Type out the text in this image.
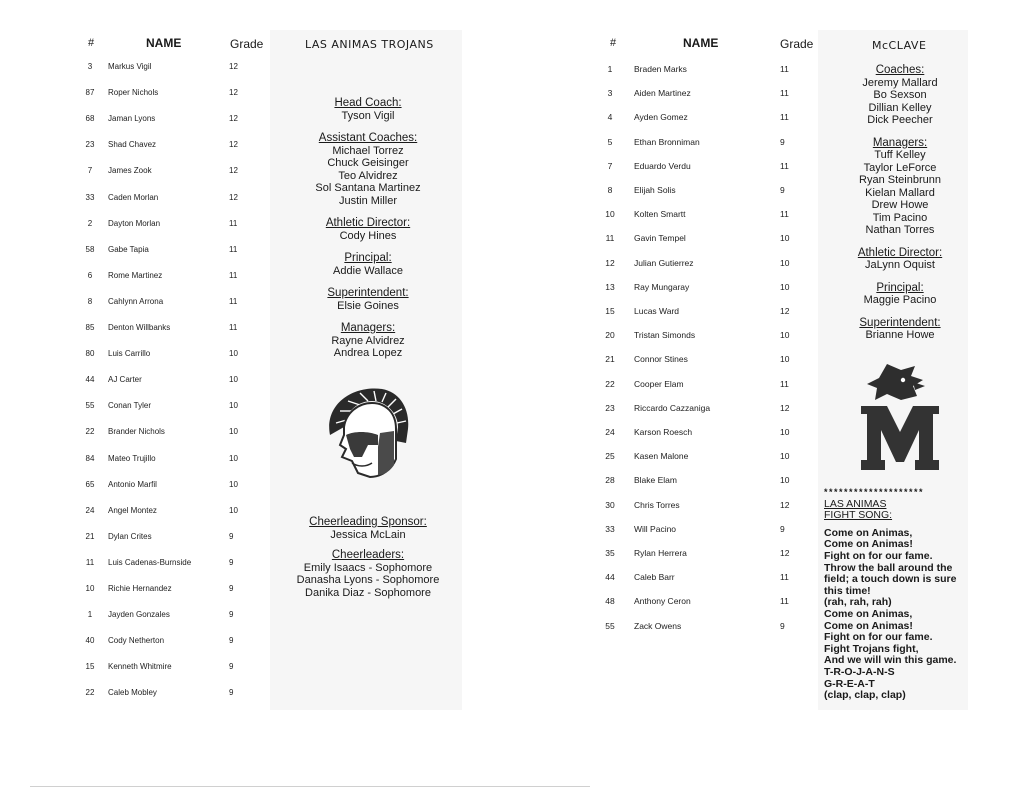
#	NAME	Grade
3	Markus Vigil	12
87	Roper Nichols	12
68	Jaman Lyons	12
23	Shad Chavez	12
7	James Zook	12
33	Caden Morlan	12
2	Dayton Morlan	11
58	Gabe Tapia	11
6	Rome Martinez	11
8	Cahlynn Arrona	11
85	Denton Willbanks	11
80	Luis Carrillo	10
44	AJ Carter	10
55	Conan Tyler	10
22	Brander Nichols	10
84	Mateo Trujillo	10
65	Antonio Marfil	10
24	Angel Montez	10
21	Dylan Crites	9
11	Luis Cadenas-Burnside	9
10	Richie Hernandez	9
1	Jayden Gonzales	9
40	Cody Netherton	9
15	Kenneth Whitmire	9
22	Caleb Mobley	9
LAS ANIMAS TROJANS
Head Coach:
Tyson Vigil
Assistant Coaches:
Michael Torrez
Chuck Geisinger
Teo Alvidrez
Sol Santana Martinez
Justin Miller
Athletic Director:
Cody Hines
Principal:
Addie Wallace
Superintendent:
Elsie Goines
Managers:
Rayne Alvidrez
Andrea Lopez
Cheerleading Sponsor:
Jessica McLain
Cheerleaders:
Emily Isaacs - Sophomore
Danasha Lyons - Sophomore
Danika Diaz - Sophomore
#	NAME	Grade
1	Braden Marks	11
3	Aiden Martinez	11
4	Ayden Gomez	11
5	Ethan Bronniman	9
7	Eduardo Verdu	11
8	Elijah Solis	9
10	Kolten Smartt	11
11	Gavin Tempel	10
12	Julian Gutierrez	10
13	Ray Mungaray	10
15	Lucas Ward	12
20	Tristan Simonds	10
21	Connor Stines	10
22	Cooper Elam	11
23	Riccardo Cazzaniga	12
24	Karson Roesch	10
25	Kasen Malone	10
28	Blake Elam	10
30	Chris Torres	12
33	Will Pacino	9
35	Rylan Herrera	12
44	Caleb Barr	11
48	Anthony Ceron	11
55	Zack Owens	9
McCLAVE
Coaches:
Jeremy Mallard
Bo Sexson
Dillian Kelley
Dick Peecher
Managers:
Tuff Kelley
Taylor LeForce
Ryan Steinbrunn
Kielan Mallard
Drew Howe
Tim Pacino
Nathan Torres
Athletic Director:
JaLynn Oquist
Principal:
Maggie Pacino
Superintendent:
Brianne Howe
M
********************
LAS ANIMAS
FIGHT SONG:

Come on Animas,
Come on Animas!
Fight on for our fame.
Throw the ball around the
field; a touch down is sure
this time!
(rah, rah, rah)
Come on Animas,
Come on Animas!
Fight on for our fame.
Fight Trojans fight,
And we will win this game.
T-R-O-J-A-N-S
G-R-E-A-T
(clap, clap, clap)
